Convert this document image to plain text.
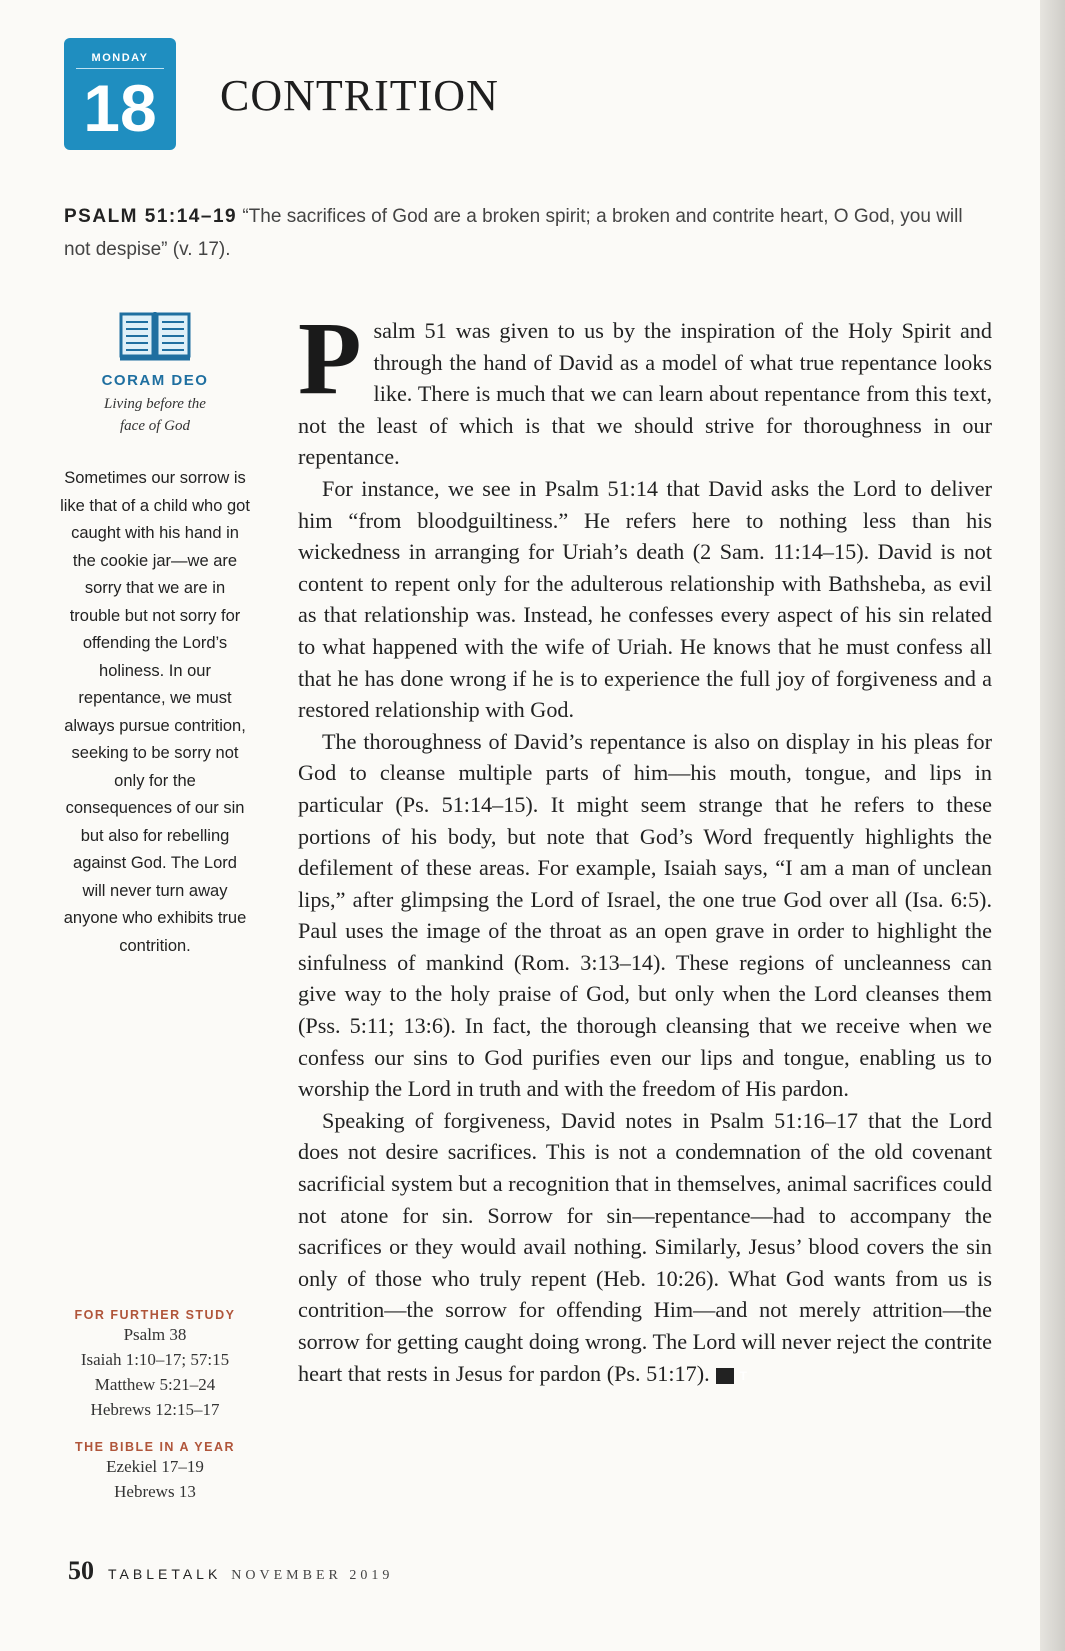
MONDAY
18	CONTRITION
PSALM 51:14–19 “The sacrifices of God are a broken spirit; a broken and contrite heart, O God, you will not despise” (v. 17).
CORAM DEO
Living before the face of God
Sometimes our sorrow is like that of a child who got caught with his hand in the cookie jar—we are sorry that we are in trouble but not sorry for offending the Lord’s holiness. In our repentance, we must always pursue contrition, seeking to be sorry not only for the consequences of our sin but also for rebelling against God. The Lord will never turn away anyone who exhibits true contrition.
FOR FURTHER STUDY
Psalm 38
Isaiah 1:10–17; 57:15
Matthew 5:21–24
Hebrews 12:15–17
THE BIBLE IN A YEAR
Ezekiel 17–19
Hebrews 13

Psalm 51 was given to us by the inspiration of the Holy Spirit and through the hand of David as a model of what true repentance looks like. There is much that we can learn about repentance from this text, not the least of which is that we should strive for thoroughness in our repentance.

For instance, we see in Psalm 51:14 that David asks the Lord to deliver him “from bloodguiltiness.” He refers here to nothing less than his wickedness in arranging for Uriah’s death (2 Sam. 11:14–15). David is not content to repent only for the adulterous relationship with Bathsheba, as evil as that relationship was. Instead, he confesses every aspect of his sin related to what happened with the wife of Uriah. He knows that he must confess all that he has done wrong if he is to experience the full joy of forgiveness and a restored relationship with God.

The thoroughness of David’s repentance is also on display in his pleas for God to cleanse multiple parts of him—his mouth, tongue, and lips in particular (Ps. 51:14–15). It might seem strange that he refers to these portions of his body, but note that God’s Word frequently highlights the defilement of these areas. For example, Isaiah says, “I am a man of unclean lips,” after glimpsing the Lord of Israel, the one true God over all (Isa. 6:5). Paul uses the image of the throat as an open grave in order to highlight the sinfulness of mankind (Rom. 3:13–14). These regions of uncleanness can give way to the holy praise of God, but only when the Lord cleanses them (Pss. 5:11; 13:6). In fact, the thorough cleansing that we receive when we confess our sins to God purifies even our lips and tongue, enabling us to worship the Lord in truth and with the freedom of His pardon.

Speaking of forgiveness, David notes in Psalm 51:16–17 that the Lord does not desire sacrifices. This is not a condemnation of the old covenant sacrificial system but a recognition that in themselves, animal sacrifices could not atone for sin. Sorrow for sin—repentance—had to accompany the sacrifices or they would avail nothing. Similarly, Jesus’ blood covers the sin only of those who truly repent (Heb. 10:26). What God wants from us is contrition—the sorrow for offending Him—and not merely attrition—the sorrow for getting caught doing wrong. The Lord will never reject the contrite heart that rests in Jesus for pardon (Ps. 51:17).	T

50 TABLETALK NOVEMBER 2019
